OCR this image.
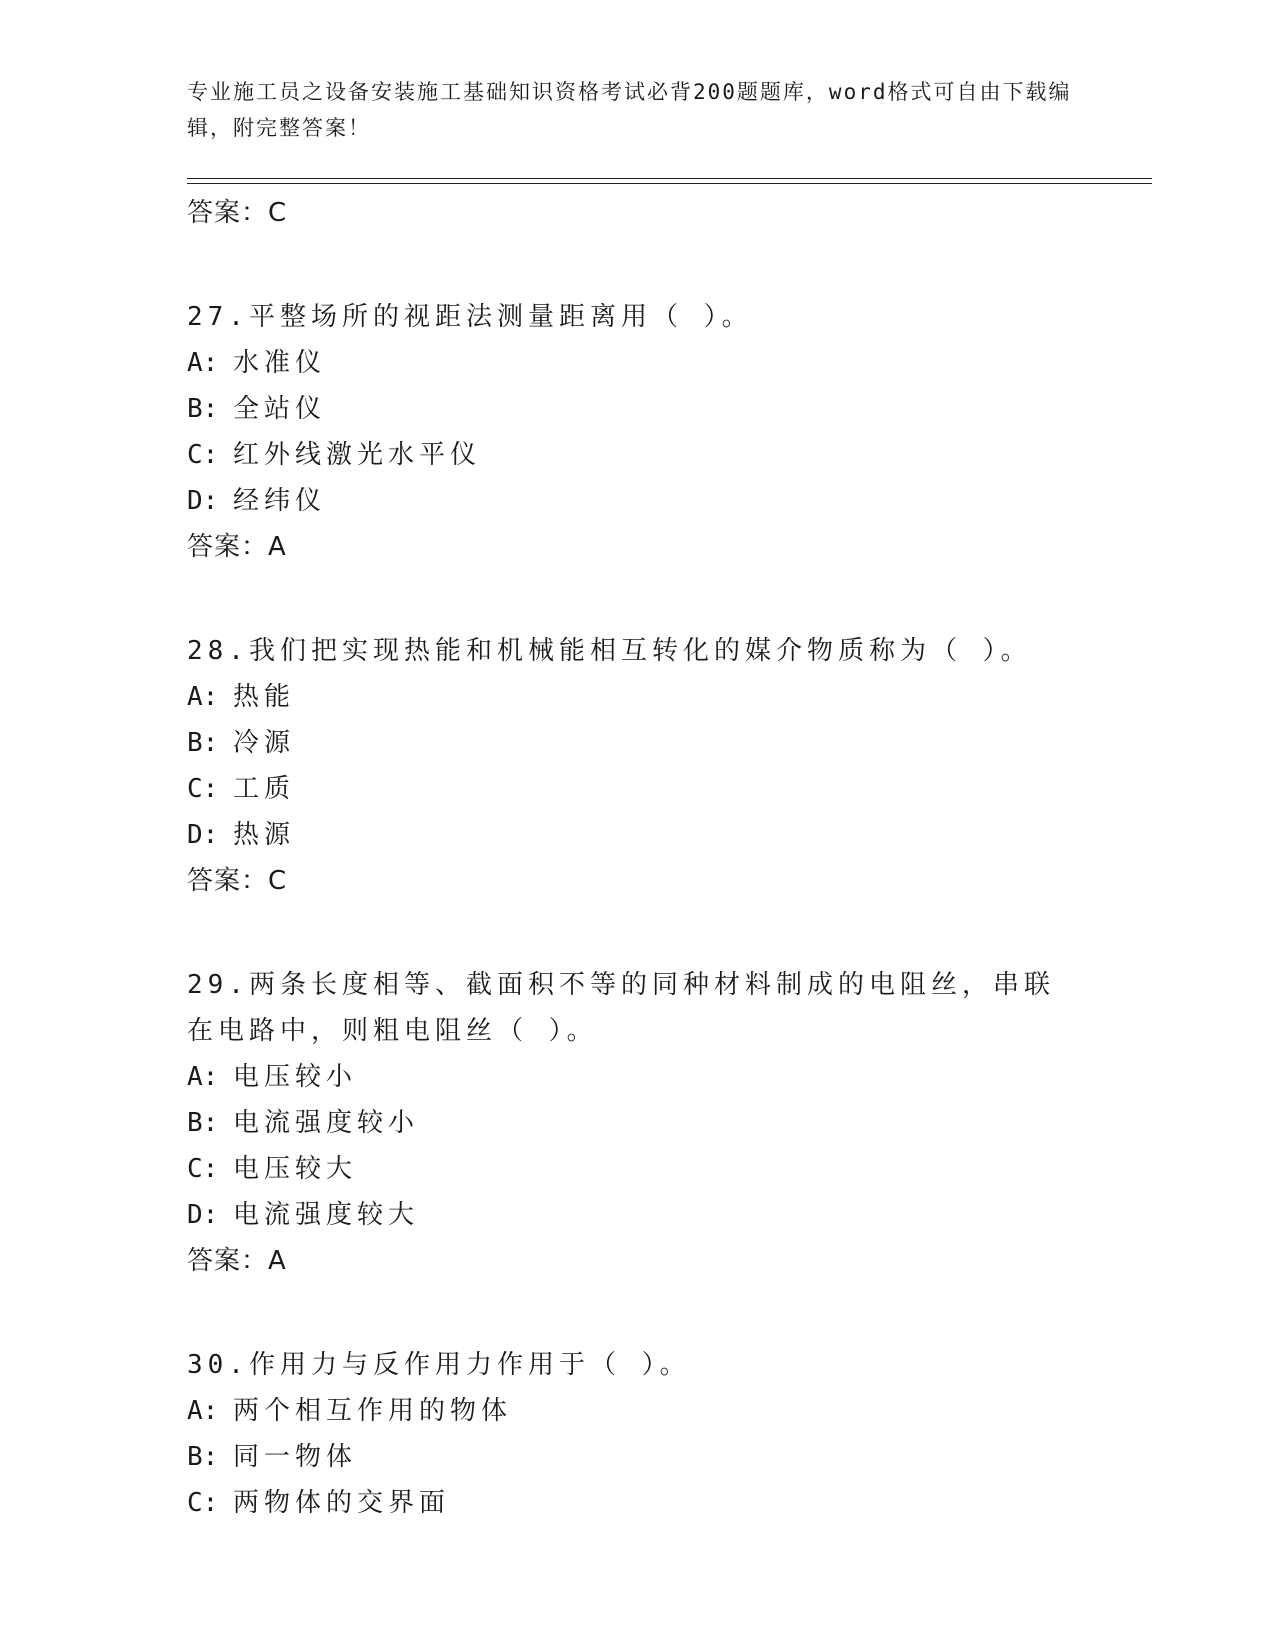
专业施工员之设备安装施工基础知识资格考试必背200题题库，word格式可自由下载编辑，附完整答案！
答案：C
27.平整场所的视距法测量距离用（ ）。
A: 水准仪
B: 全站仪
C: 红外线激光水平仪
D: 经纬仪
答案：A
28.我们把实现热能和机械能相互转化的媒介物质称为（ ）。
A: 热能
B: 冷源
C: 工质
D: 热源
答案：C
29.两条长度相等、截面积不等的同种材料制成的电阻丝，串联在电路中，则粗电阻丝（ ）。
A: 电压较小
B: 电流强度较小
C: 电压较大
D: 电流强度较大
答案：A
30.作用力与反作用力作用于（ ）。
A: 两个相互作用的物体
B: 同一物体
C: 两物体的交界面
